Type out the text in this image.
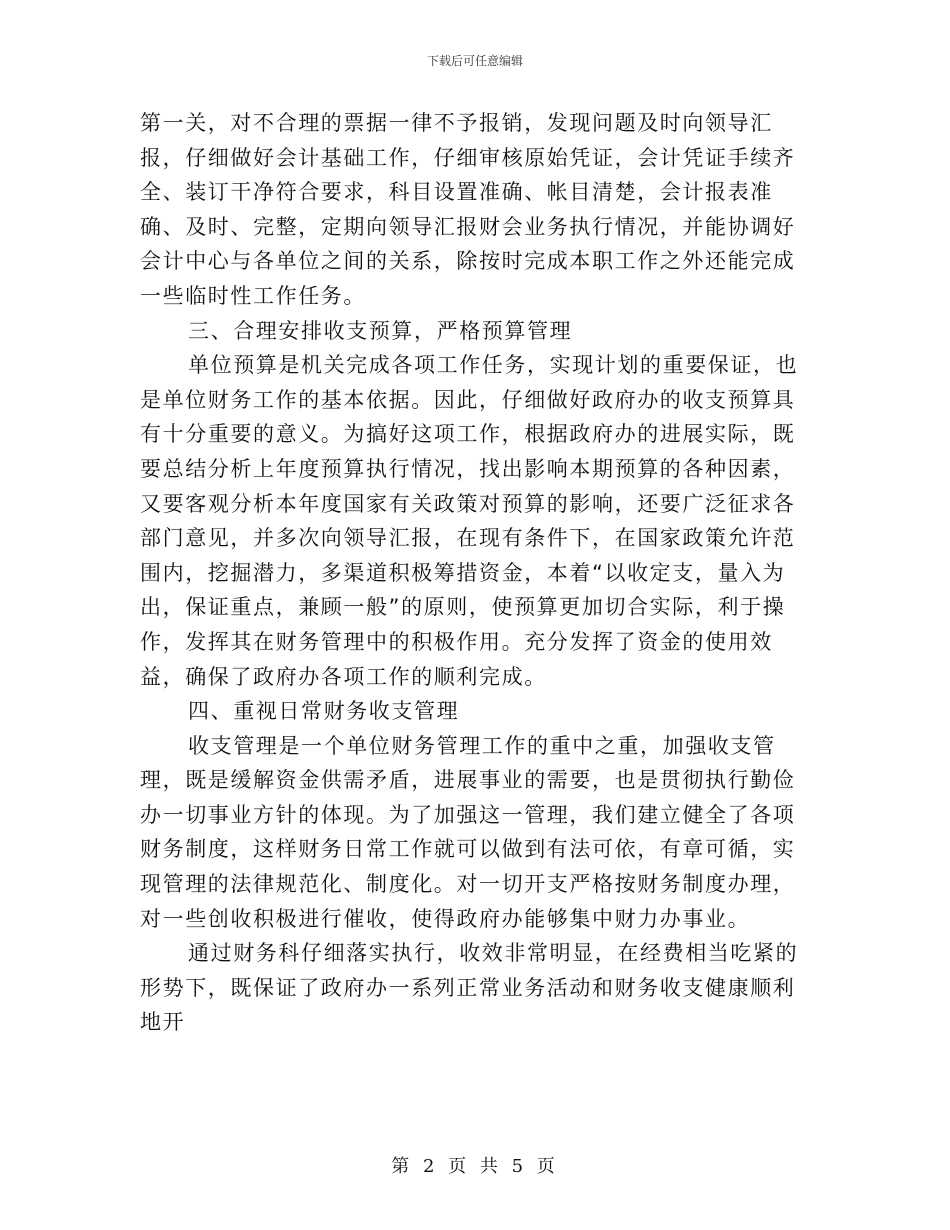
下载后可任意编辑

第一关，对不合理的票据一律不予报销，发现问题及时向领导汇报，仔细做好会计基础工作，仔细审核原始凭证，会计凭证手续齐全、装订干净符合要求，科目设置准确、帐目清楚，会计报表准确、及时、完整，定期向领导汇报财会业务执行情况，并能协调好会计中心与各单位之间的关系，除按时完成本职工作之外还能完成一些临时性工作任务。

三、合理安排收支预算，严格预算管理

单位预算是机关完成各项工作任务，实现计划的重要保证，也是单位财务工作的基本依据。因此，仔细做好政府办的收支预算具有十分重要的意义。为搞好这项工作，根据政府办的进展实际，既要总结分析上年度预算执行情况，找出影响本期预算的各种因素，又要客观分析本年度国家有关政策对预算的影响，还要广泛征求各部门意见，并多次向领导汇报，在现有条件下，在国家政策允许范围内，挖掘潜力，多渠道积极筹措资金，本着“以收定支，量入为出，保证重点，兼顾一般”的原则，使预算更加切合实际，利于操作，发挥其在财务管理中的积极作用。充分发挥了资金的使用效益，确保了政府办各项工作的顺利完成。

四、重视日常财务收支管理

收支管理是一个单位财务管理工作的重中之重，加强收支管理，既是缓解资金供需矛盾，进展事业的需要，也是贯彻执行勤俭办一切事业方针的体现。为了加强这一管理，我们建立健全了各项财务制度，这样财务日常工作就可以做到有法可依，有章可循，实现管理的法律规范化、制度化。对一切开支严格按财务制度办理，对一些创收积极进行催收，使得政府办能够集中财力办事业。

通过财务科仔细落实执行，收效非常明显，在经费相当吃紧的形势下，既保证了政府办一系列正常业务活动和财务收支健康顺利地开

第 2 页 共 5 页
